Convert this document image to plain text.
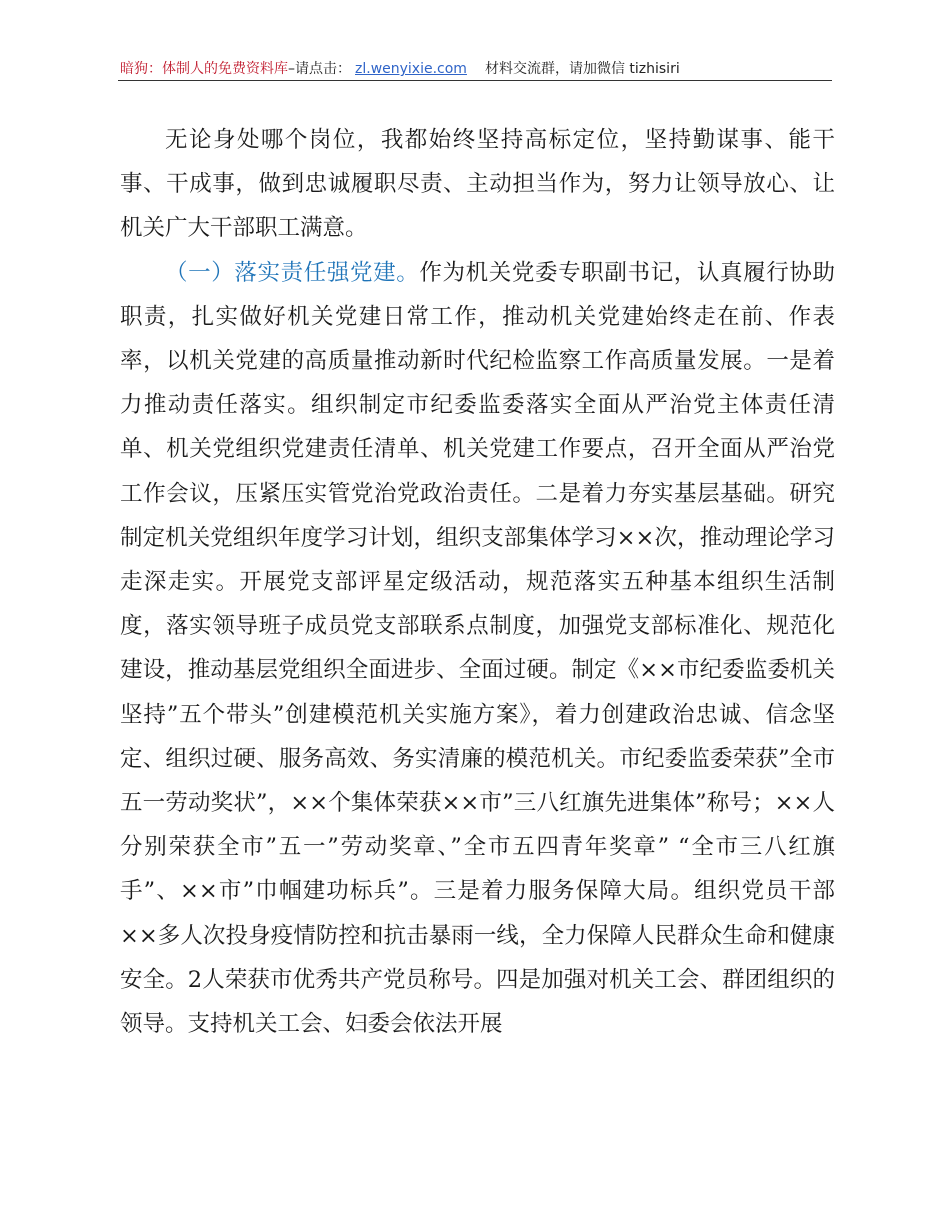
暗狗：体制人的免费资料库–请点击： zl.wenyixie.com 材料交流群，请加微信 tizhisiri

无论身处哪个岗位，我都始终坚持高标定位，坚持勤谋事、能干事、干成事，做到忠诚履职尽责、主动担当作为，努力让领导放心、让机关广大干部职工满意。

（一）落实责任强党建。作为机关党委专职副书记，认真履行协助职责，扎实做好机关党建日常工作，推动机关党建始终走在前、作表率，以机关党建的高质量推动新时代纪检监察工作高质量发展。一是着力推动责任落实。组织制定市纪委监委落实全面从严治党主体责任清单、机关党组织党建责任清单、机关党建工作要点，召开全面从严治党工作会议，压紧压实管党治党政治责任。二是着力夯实基层基础。研究制定机关党组织年度学习计划，组织支部集体学习××次，推动理论学习走深走实。开展党支部评星定级活动，规范落实五种基本组织生活制度，落实领导班子成员党支部联系点制度，加强党支部标准化、规范化建设，推动基层党组织全面进步、全面过硬。制定《××市纪委监委机关坚持”五个带头”创建模范机关实施方案》，着力创建政治忠诚、信念坚定、组织过硬、服务高效、务实清廉的模范机关。市纪委监委荣获”全市五一劳动奖状”，××个集体荣获××市”三八红旗先进集体”称号；××人分别荣获全市”五一”劳动奖章、”全市五四青年奖章” “全市三八红旗手”、××市”巾帼建功标兵”。三是着力服务保障大局。组织党员干部××多人次投身疫情防控和抗击暴雨一线，全力保障人民群众生命和健康安全。2人荣获市优秀共产党员称号。四是加强对机关工会、群团组织的领导。支持机关工会、妇委会依法开展
